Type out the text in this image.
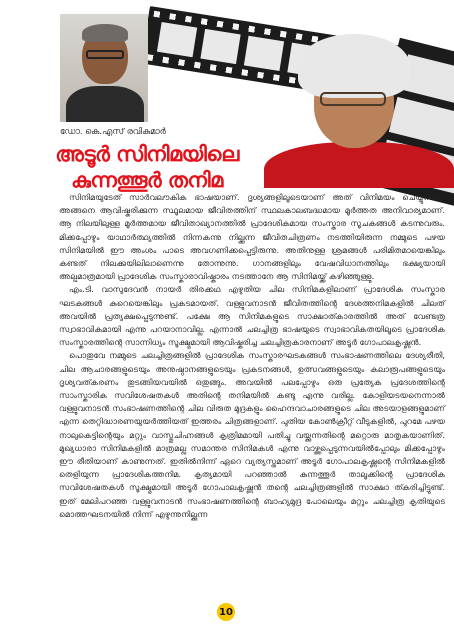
ഡോ. കെ.എസ് രവികുമാർ
അടൂർ സിനിമയിലെ
കുന്നത്തൂർ തനിമ

സിനിമയുടേത് സാർവലൗകിക ഭാഷയാണ്. ദൃശ്യങ്ങളിലൂടെയാണ് അത് വിനിമയം ചെയ്യുന്നത്. അങ്ങനെ ആവിഷ്കരിക്കുന്ന സ്ഥൂലമായ ജീവിതത്തിന് സ്ഥലകാലബദ്ധമായ മൂർത്തത അനിവാര്യമാണ്. ആ നിലയിലുള്ള മൂർത്തമായ ജീവിതാഖ്യാനത്തിൽ പ്രാദേശികമായ സംസ്കാര സൂചകങ്ങൾ കടന്നുവരും. മിക്കപ്പോഴും യാഥാർത്ഥ്യത്തിൽ നിന്നകന്നു നില്ക്കുന്ന ജീവിതചിത്രണം നടത്തിയിരുന്ന നമ്മുടെ പഴയ സിനിമയിൽ ഈ അംശം പാടെ അവഗണിക്കപ്പെട്ടിരുന്നു. അതിനുള്ള ശ്രമങ്ങൾ പരിമിതമായെങ്കിലും കണ്ടത് നിലക്കുയിലിലാണെന്നു തോന്നുന്നു. ഗാനങ്ങളിലും വേഷവിധാനത്തിലും ഭക്ഷ്യയായി അല്പമാത്രമായി പ്രാദേശിക സംസ്കാരാവിഷ്കാരം നടത്താനേ ആ സിനിമയ്ക്ക് കഴിഞ്ഞുള്ളു.

എം.ടി. വാസുദേവൻ നായർ തിരക്കഥ എഴുതിയ ചില സിനിമകളിലാണ് പ്രാദേശിക സംസ്കാര ഘടകങ്ങൾ കുറെയെങ്കിലും പ്രകടമായത്. വള്ളുവനാടൻ ജീവിതത്തിന്റെ ദേശത്തനിമകളിൽ ചിലത് അവയിൽ പ്രത്യക്ഷപ്പെടുന്നുണ്ട്. പക്ഷേ ആ സിനിമകളുടെ സാക്ഷാത്കാരത്തിൽ അത് വേണ്ടത്ര സ്വാഭാവികമായി എന്നു പറയാനാവില്ല. എന്നാൽ ചലച്ചിത്ര ഭാഷയുടെ സ്വാഭാവികതയിലൂടെ പ്രാദേശിക സംസ്കാരത്തിന്റെ സാന്നിധ്യം സൂക്ഷ്മമായി ആവിഷ്കരിച്ച ചലച്ചിത്രകാരനാണ് അടൂർ ഗോപാലകൃഷ്ണൻ.

പൊതുവേ നമ്മുടെ ചലച്ചിത്രങ്ങളിൽ പ്രാദേശിക സംസ്കാരഘടകങ്ങൾ സംഭാഷണത്തിലെ ദേശ്യരീതി, ചില ആചാരങ്ങളുടെയും അനുഷ്ഠാനങ്ങളുടെയും പ്രകടനങ്ങൾ, ഉത്സവങ്ങളുടെയും കലാരൂപങ്ങളുടെയും ദൃശ്യവത്കരണം തുടങ്ങിയവയിൽ ഒതുങ്ങും. അവയിൽ പലപ്പോഴും ഒരു പ്രത്യേക പ്രദേശത്തിന്റെ സാംസ്കാരിക സവിശേഷതകൾ അതിന്റെ തനിമയിൽ കണ്ടു എന്നു വരില്ല. കോളിയടയനെന്നാൽ വള്ളുവനാടൻ സംഭാഷണത്തിന്റെ ചില വിരുത മുദ്രകളും ഹൈന്ദവാചാരങ്ങളുടെ ചില അടയാളങ്ങളുമാണ് എന്ന തെറ്റിദ്ധാരണയുയർത്തിയത് ഇത്തരം ചിത്രങ്ങളാണ്. പുതിയ കോൺക്രീറ്റ് വീടുകളിൽ, പുറമേ പഴയ നാലുകെട്ടിന്റെയും മറ്റും വാസ്തുചിഹ്നങ്ങൾ കൃത്രിമമായി പതിച്ചു വയ്ക്കുന്നതിന്റെ മറ്റൊരു മാതൃകയാണിത്. മുഖ്യധാരാ സിനിമകളിൽ മാത്രമല്ല സമാന്തര സിനിമകൾ എന്നു വാഴ്ത്തപ്പെടുന്നവയിൽപ്പോലും മിക്കപ്പോഴും ഈ രീതിയാണ് കാണുന്നത്. ഇതിൽനിന്ന് ഏറെ വ്യത്യസ്തമാണ് അടൂർ ഗോപാലകൃഷ്ണന്റെ സിനിമകളിൽ തെളിയുന്ന പ്രാദേശികത്തനിമ. കൃത്യമായി പറഞ്ഞാൽ കുന്നത്തൂർ താലൂക്കിന്റെ പ്രാദേശിക സവിശേഷതകൾ സൂക്ഷ്മമായി അടൂർ ഗോപാലകൃഷ്ണൻ തന്റെ ചലച്ചിത്രങ്ങളിൽ സാക്ഷാ ത്കരിച്ചിട്ടുണ്ട്. ഇത് മേലിപറഞ്ഞ വള്ളുവനാടൻ സംഭാഷണത്തിന്റെ ബാഹ്യമുദ്ര പോലെയും മറ്റും ചലച്ചിത്ര കൃതിയുടെ മൊത്തഘടനയിൽ നിന്ന് എഴുന്നുനില്ക്കുന്ന

10
